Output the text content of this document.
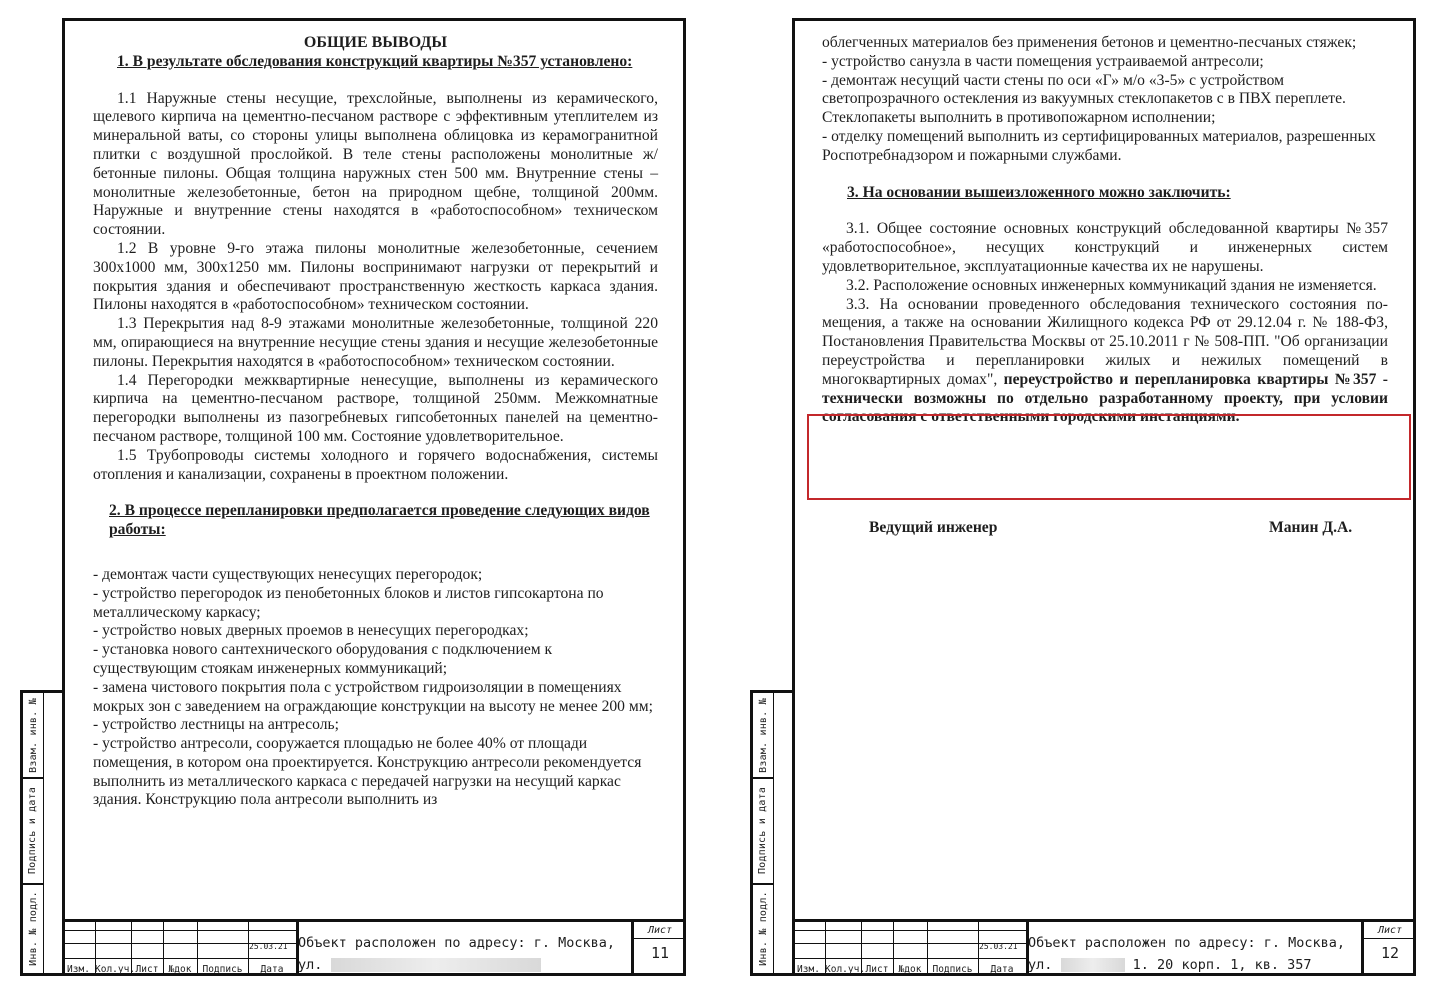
Взам. инв. №
Подпись и дата
Инв. № подл.
ОБЩИЕ ВЫВОДЫ
1. В результате обследования конструкций квартиры №357 установлено:
1.1 Наружные стены несущие, трехслойные, выполнены из керамического, щелевого кирпича на цементно-песчаном растворе с эффективным утеплителем из минеральной ваты, со стороны улицы выполнена облицовка из керамогранитной плитки с воздушной прослойкой. В теле стены расположены монолитные ж/бетонные пилоны. Общая толщина наружных стен 500 мм. Внутренние стены – монолитные железобетонные, бетон на природном щебне, толщиной 200мм. Наружные и внутренние стены находятся в «работоспособном» техническом состоянии.
1.2 В уровне 9-го этажа пилоны монолитные железобетонные, сечением 300x1000 мм, 300x1250 мм. Пилоны воспринимают нагрузки от перекрытий и покрытия здания и обеспечивают пространственную жесткость каркаса здания. Пилоны находятся в «работоспособном» техническом состоянии.
1.3 Перекрытия над 8-9 этажами монолитные железобетонные, толщиной 220 мм, опирающиеся на внутренние несущие стены здания и несущие железобетонные пилоны. Перекрытия находятся в «работоспособном» техническом состоянии.
1.4 Перегородки межквартирные ненесущие, выполнены из керамического кирпича на цементно-песчаном растворе, толщиной 250мм. Межкомнатные перегородки выполнены из пазогребневых гипсобетонных панелей на цементно-песчаном растворе, толщиной 100 мм. Состояние удовлетворительное.
1.5 Трубопроводы системы холодного и горячего водоснабжения, системы отопления и канализации, сохранены в проектном положении.
2. В процессе перепланировки предполагается проведение следующих видов работы:
- демонтаж части существующих ненесущих перегородок;
- устройство перегородок из пенобетонных блоков и листов гипсокартона по металлическому каркасу;
- устройство новых дверных проемов в ненесущих перегородках;
- установка нового сантехнического оборудования с подключением к существующим стоякам инженерных коммуникаций;
- замена чистового покрытия пола с устройством гидроизоляции в помещениях мокрых зон с заведением на ограждающие конструкции на высоту не менее 200 мм;
- устройство лестницы на антресоль;
- устройство антресоли, сооружается площадью не более 40% от площади помещения, в котором она проектируется. Конструкцию антресоли рекомендуется выполнить из металлического каркаса с передачей нагрузки на несущий каркас здания. Конструкцию пола антресоли выполнить из
Изм. Кол.уч. Лист	№док	Подпись	Дата
25.03.21 Объект расположен по адресу: г. Москва,
ул.
Лист
11
Взам. инв. №
Подпись и дата
Инв. № подл.
облегченных материалов без применения бетонов и цементно-песчаных стяжек;
- устройство санузла в части помещения устраиваемой антресоли;
- демонтаж несущий части стены по оси «Г» м/о «3-5» с устройством светопрозрачного остекления из вакуумных стеклопакетов с в ПВХ переплете. Стеклопакеты выполнить в противопожарном исполнении;
- отделку помещений выполнить из сертифицированных материалов, разрешенных Роспотребнадзором и пожарными службами.
3. На основании вышеизложенного можно заключить:
3.1. Общее состояние основных конструкций обследованной квартиры №357 «работоспособное», несущих конструкций и инженерных систем удовлетворительное, эксплуатационные качества их не нарушены.
3.2. Расположение основных инженерных коммуникаций здания не изменяется.
3.3. На основании проведенного обследования технического состояния по-мещения, а также на основании Жилищного кодекса РФ от 29.12.04 г. № 188-ФЗ, Постановления Правительства Москвы от 25.10.2011 г № 508-ПП. "Об организации переустройства и перепланировки жилых и нежилых помещений в многоквартирных домах", переустройство и перепланировка квартиры №357 - технически возможны по отдельно разработанному проекту, при условии согласования с ответственными городскими инстанциями.
Ведущий инженер	Манин Д.А.
Изм. Кол.уч. Лист	№док	Подпись	Дата
25.03.21 Объект расположен по адресу: г. Москва,
ул.	1. 20 корп. 1, кв. 357
Лист
12
